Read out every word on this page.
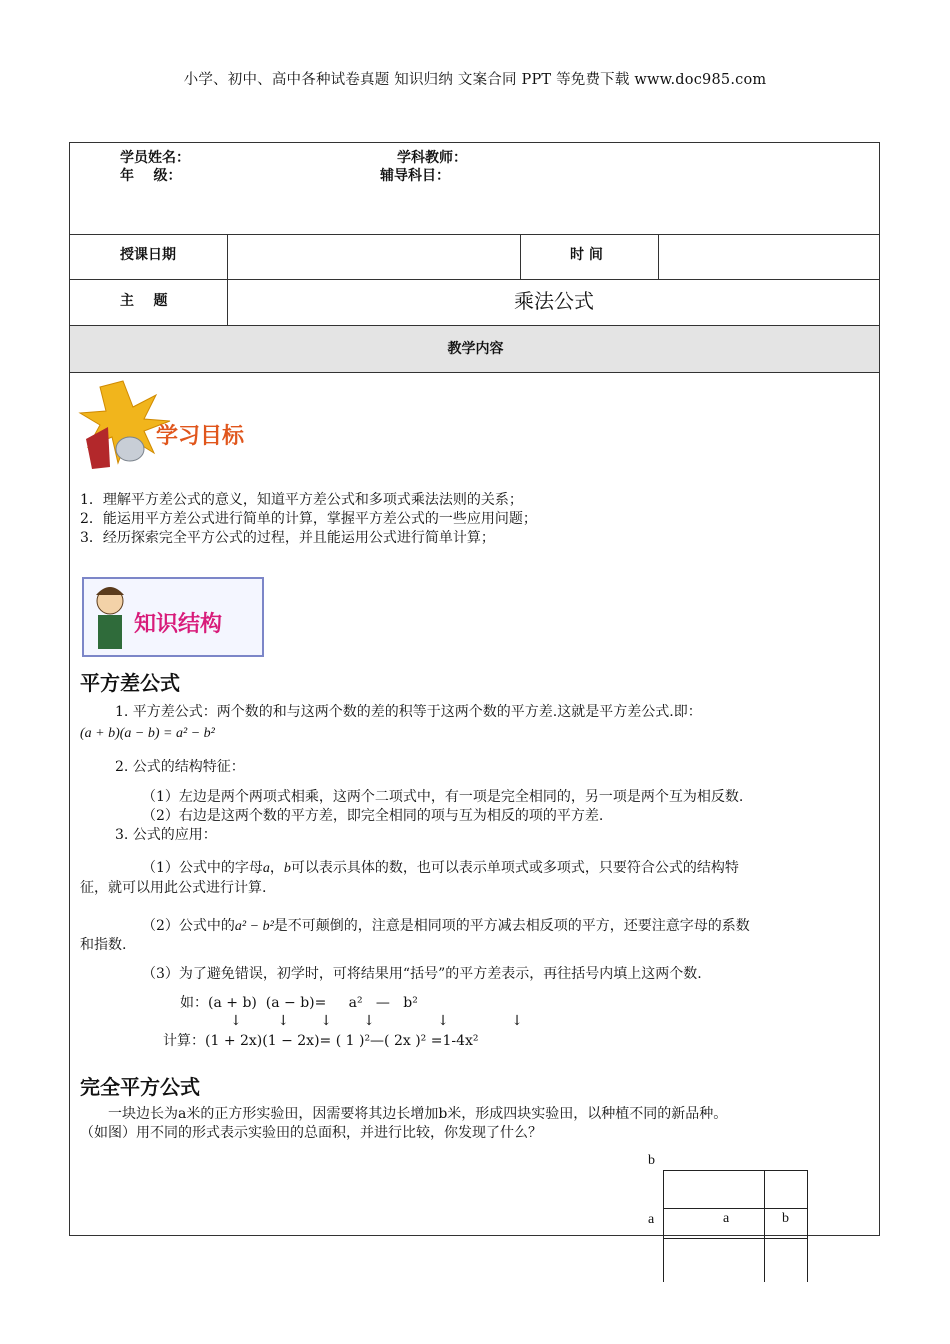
小学、初中、高中各种试卷真题 知识归纳 文案合同 PPT 等免费下载 www.doc985.com
学员姓名：	学科教师：
年    级：	辅导科目：
授课日期	时 间
主    题	乘法公式
教学内容
学习目标
1．理解平方差公式的意义，知道平方差公式和多项式乘法法则的关系；
2．能运用平方差公式进行简单的计算，掌握平方差公式的一些应用问题；
3．经历探索完全平方公式的过程，并且能运用公式进行简单计算；
知识结构
平方差公式
1. 平方差公式：两个数的和与这两个数的差的积等于这两个数的平方差.这就是平方差公式.即：
(a + b)(a − b) = a² − b²
2. 公式的结构特征：
（1）左边是两个两项式相乘，这两个二项式中，有一项是完全相同的，另一项是两个互为相反数.
（2）右边是这两个数的平方差，即完全相同的项与互为相反的项的平方差.
3. 公式的应用：
（1）公式中的字母a，b可以表示具体的数，也可以表示单项式或多项式，只要符合公式的结构特
征，就可以用此公式进行计算.
（2）公式中的a² − b²是不可颠倒的，注意是相同项的平方减去相反项的平方，还要注意字母的系数
和指数.
（3）为了避免错误，初学时，可将结果用“括号”的平方差表示，再往括号内填上这两个数.
如：(a + b)  (a − b)=     a²   —   b²
↓        ↓       ↓       ↓              ↓              ↓
计算：(1 + 2x)(1 − 2x)= ( 1 )²—( 2x )² =1-4x²
完全平方公式
一块边长为a米的正方形实验田，因需要将其边长增加b米，形成四块实验田，以种植不同的新品种。
（如图）用不同的形式表示实验田的总面积，并进行比较，你发现了什么？
b
a	a	b
